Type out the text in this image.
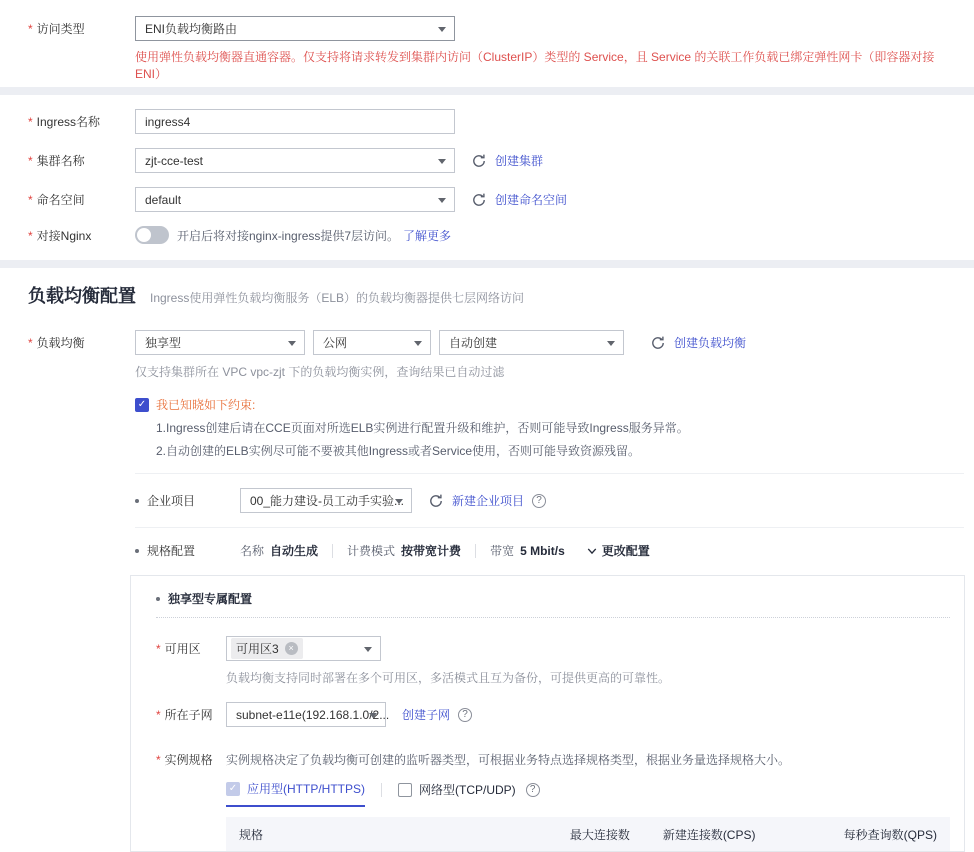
* 访问类型	ENI负载均衡路由
使用弹性负载均衡器直通容器。仅支持将请求转发到集群内访问（ClusterIP）类型的 Service，且 Service 的关联工作负载已绑定弹性网卡（即容器对接ENI）
* Ingress名称	ingress4
* 集群名称	zjt-cce-test	创建集群
* 命名空间	default	创建命名空间
* 对接Nginx	开启后将对接nginx-ingress提供7层访问。 了解更多
负载均衡配置 Ingress使用弹性负载均衡服务（ELB）的负载均衡器提供七层网络访问
* 负载均衡	独享型	公网	自动创建	创建负载均衡
仅支持集群所在 VPC vpc-zjt 下的负载均衡实例，查询结果已自动过滤
✓
我已知晓如下约束:
1.Ingress创建后请在CCE页面对所选ELB实例进行配置升级和维护，否则可能导致Ingress服务异常。
2.自动创建的ELB实例尽可能不要被其他Ingress或者Service使用，否则可能导致资源残留。
企业项目	00_能力建设-员工动手实验...	新建企业项目
?
规格配置	名称 自动生成 计费模式 按带宽计费 带宽 5 Mbit/s	更改配置
独享型专属配置
* 可用区	可用区3
×
负载均衡支持同时部署在多个可用区，多活模式且互为备份，可提供更高的可靠性。
* 所在子网	subnet-e11e(192.168.1.0/2... 创建子网
?
* 实例规格	实例规格决定了负载均衡可创建的监听器类型，可根据业务特点选择规格类型，根据业务量选择规格大小。
✓
应用型(HTTP/HTTPS)	网络型(TCP/UDP)
?
规格	最大连接数	新建连接数(CPS)	每秒查询数(QPS)
